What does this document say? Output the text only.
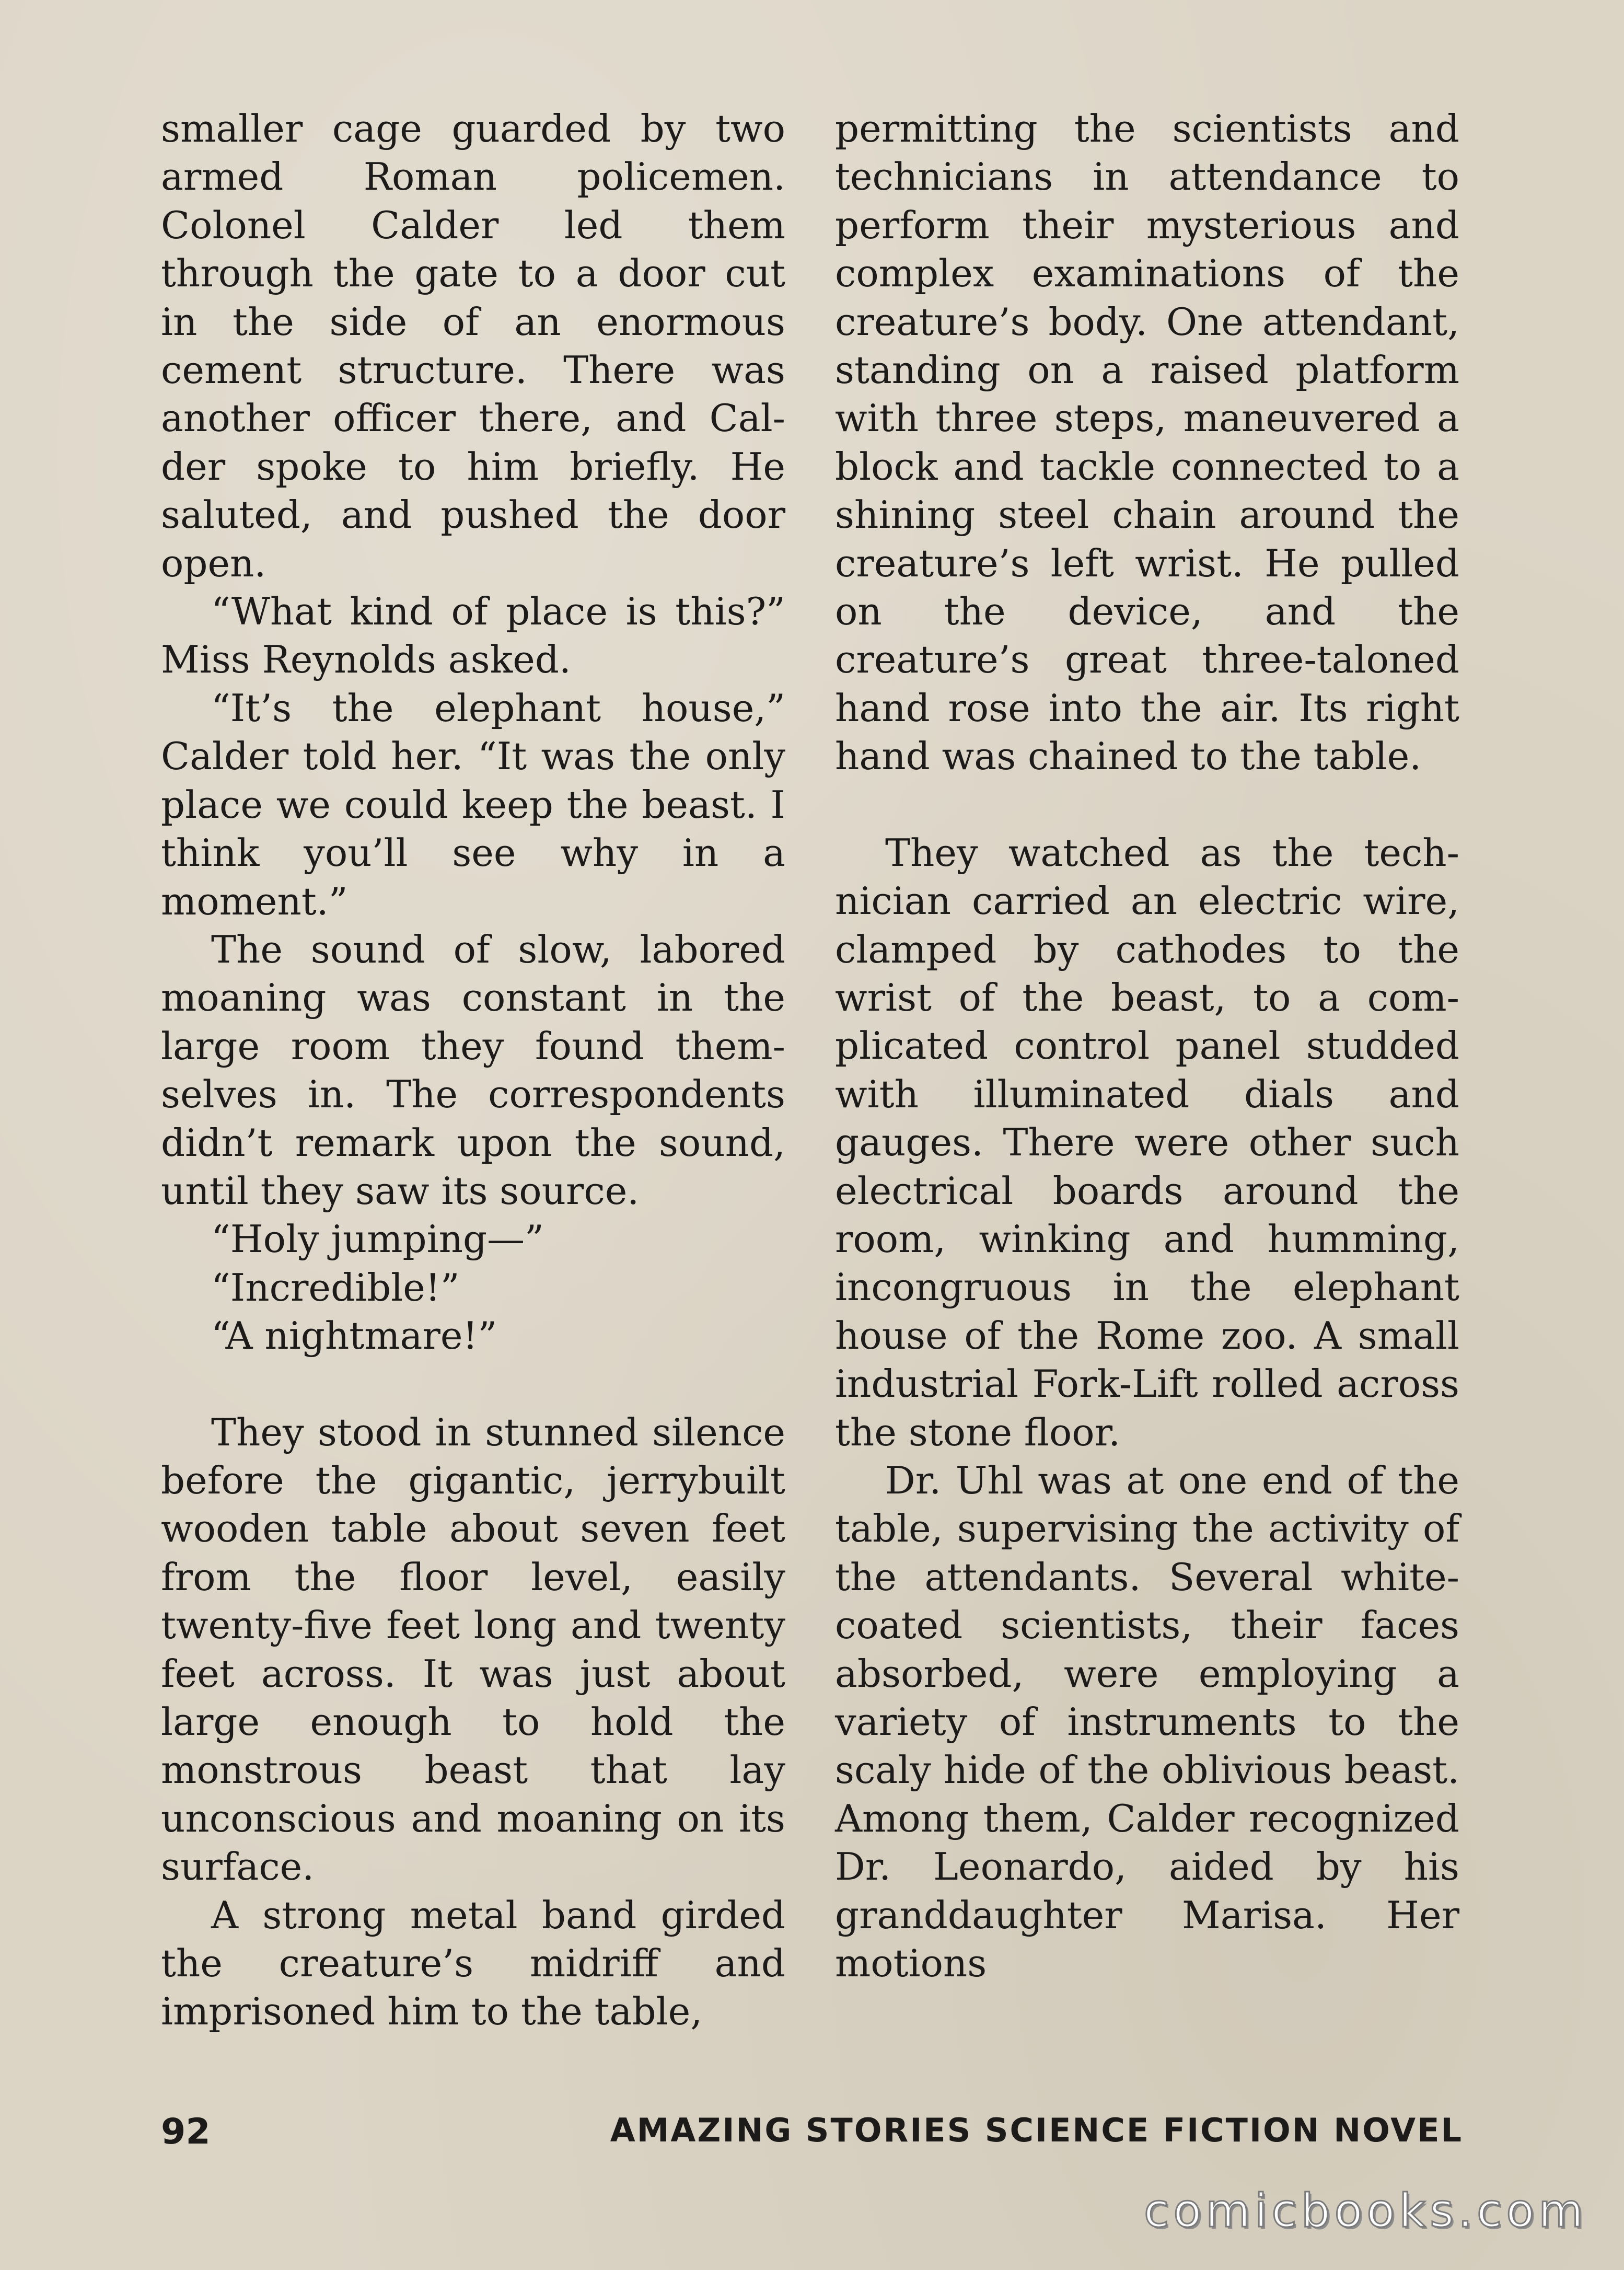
smaller cage guarded by two armed Roman policemen. Colonel Calder led them through the gate to a door cut in the side of an enormous cement structure. There was another officer there, and Calder spoke to him briefly. He saluted, and pushed the door open.

“What kind of place is this?” Miss Reynolds asked.

“It’s the elephant house,” Calder told her. “It was the only place we could keep the beast. I think you’ll see why in a moment.”

The sound of slow, labored moaning was constant in the large room they found themselves in. The correspondents didn’t remark upon the sound, until they saw its source.

“Holy jumping—”

“Incredible!”

“A nightmare!”

They stood in stunned silence before the gigantic, jerrybuilt wooden table about seven feet from the floor level, easily twenty-five feet long and twenty feet across. It was just about large enough to hold the monstrous beast that lay unconscious and moaning on its surface.

A strong metal band girded the creature’s midriff and imprisoned him to the table,

permitting the scientists and technicians in attendance to perform their mysterious and complex examinations of the creature’s body. One attendant, standing on a raised platform with three steps, maneuvered a block and tackle connected to a shining steel chain around the creature’s left wrist. He pulled on the device, and the creature’s great three-taloned hand rose into the air. Its right hand was chained to the table.

They watched as the technician carried an electric wire, clamped by cathodes to the wrist of the beast, to a complicated control panel studded with illuminated dials and gauges. There were other such electrical boards around the room, winking and humming, incongruous in the elephant house of the Rome zoo. A small industrial Fork-Lift rolled across the stone floor.

Dr. Uhl was at one end of the table, supervising the activity of the attendants. Several white-coated scientists, their faces absorbed, were employing a variety of instruments to the scaly hide of the oblivious beast. Among them, Calder recognized Dr. Leonardo, aided by his granddaughter Marisa. Her motions

92	AMAZING STORIES SCIENCE FICTION NOVEL
comicbooks.com
